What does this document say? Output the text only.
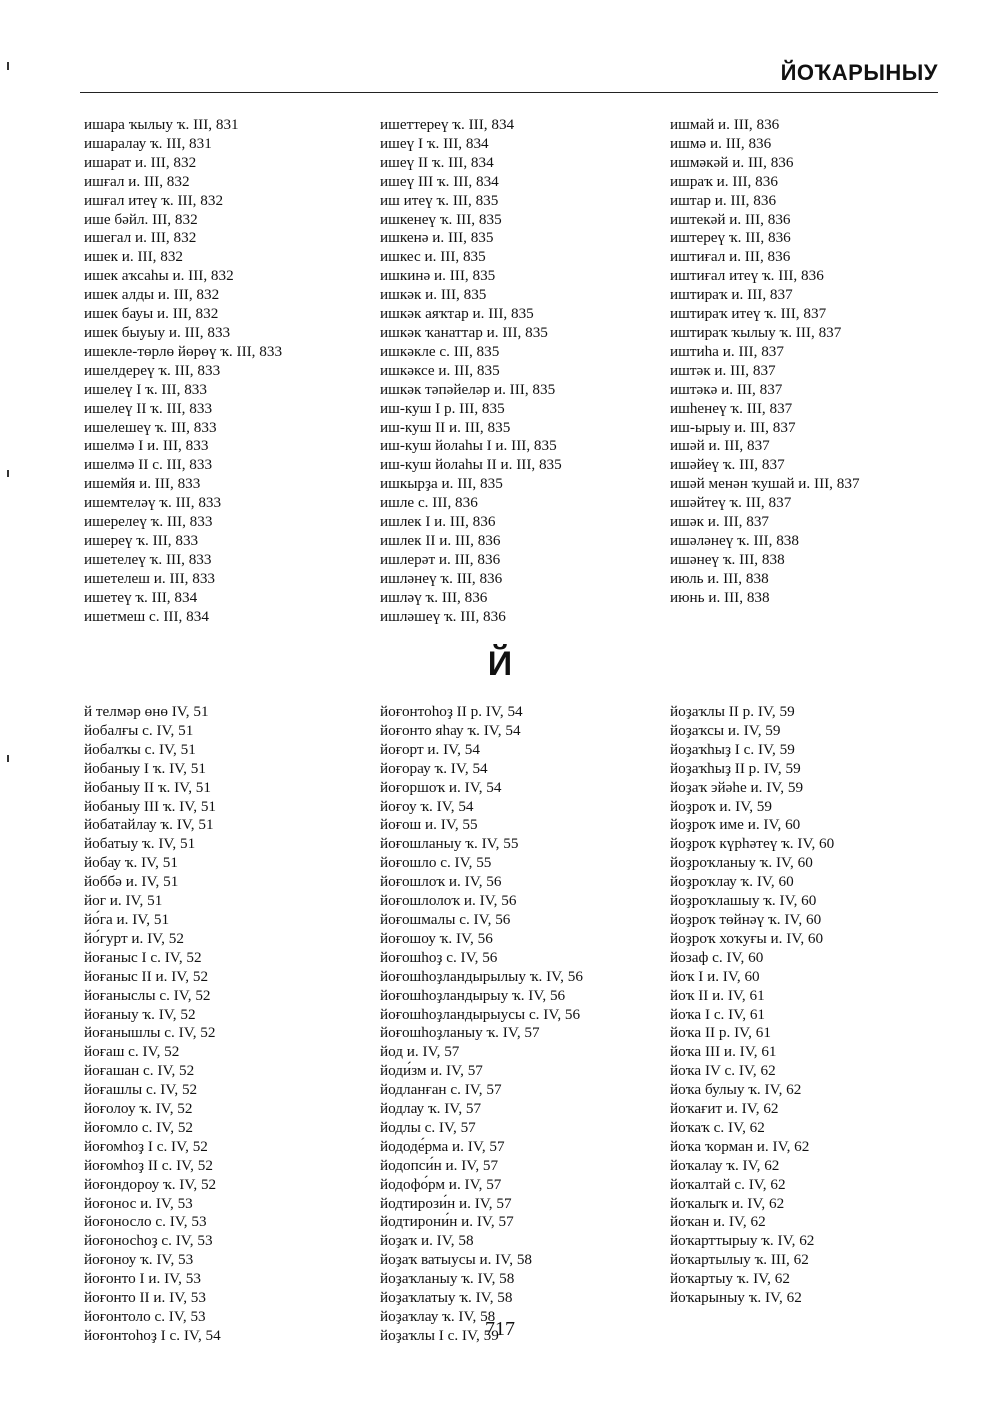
ЙОҠАРЫНЫУ
ишара ҡылыу ҡ. III, 831
ишаралау ҡ. III, 831
ишарат и. III, 832
ишғал и. III, 832
ишғал итеү ҡ. III, 832
ише бәйл. III, 832
ишегал и. III, 832
ишек и. III, 832
ишек аҡсаһы и. III, 832
ишек алды и. III, 832
ишек бауы и. III, 832
ишек быуыу и. III, 833
ишекле-төрлө йөрөү ҡ. III, 833
ишелдереү ҡ. III, 833
ишелеү I ҡ. III, 833
ишелеү II ҡ. III, 833
ишелешеү ҡ. III, 833
ишелмә I и. III, 833
ишелмә II с. III, 833
ишемйя и. III, 833
ишемтеләү ҡ. III, 833
ишерелеү ҡ. III, 833
ишереү ҡ. III, 833
ишетелеү ҡ. III, 833
ишетелеш и. III, 833
ишетеү ҡ. III, 834
ишетмеш с. III, 834
ишеттереү ҡ. III, 834
ишеү I ҡ. III, 834
ишеү II ҡ. III, 834
ишеү III ҡ. III, 834
иш итеү ҡ. III, 835
ишкенеү ҡ. III, 835
ишкенә и. III, 835
ишкес и. III, 835
ишкинә и. III, 835
ишкәк и. III, 835
ишкәк аяҡтар и. III, 835
ишкәк ҡанаттар и. III, 835
ишкәкле с. III, 835
ишкәксе и. III, 835
ишкәк тәпәйеләр и. III, 835
иш-куш I р. III, 835
иш-куш II и. III, 835
иш-куш йолаһы I и. III, 835
иш-куш йолаһы II и. III, 835
ишкырҙа и. III, 835
ишле с. III, 836
ишлек I и. III, 836
ишлек II и. III, 836
ишлерәт и. III, 836
ишләнеү ҡ. III, 836
ишләү ҡ. III, 836
ишләшеү ҡ. III, 836
ишмай и. III, 836
ишмә и. III, 836
ишмәкәй и. III, 836
ишраҡ и. III, 836
иштар и. III, 836
иштекәй и. III, 836
иштереү ҡ. III, 836
иштиғал и. III, 836
иштиғал итеү ҡ. III, 836
иштираҡ и. III, 837
иштираҡ итеү ҡ. III, 837
иштираҡ ҡылыу ҡ. III, 837
иштиһа и. III, 837
иштәк и. III, 837
иштәкә и. III, 837
ишһенеү ҡ. III, 837
иш-ырыу и. III, 837
ишәй и. III, 837
ишәйеү ҡ. III, 837
ишәй менән ҡушай и. III, 837
ишәйтеү ҡ. III, 837
ишәк и. III, 837
ишәләнеү ҡ. III, 838
ишәнеү ҡ. III, 838
июль и. III, 838
июнь и. III, 838
Й
й телмәр өнө IV, 51
йобалғы с. IV, 51
йобалҡы с. IV, 51
йобаныу I ҡ. IV, 51
йобаныу II ҡ. IV, 51
йобаныу III ҡ. IV, 51
йобатайлау ҡ. IV, 51
йобатыу ҡ. IV, 51
йобау ҡ. IV, 51
йоббә и. IV, 51
йог и. IV, 51
йо́га и. IV, 51
йо́гурт и. IV, 52
йоғаныс I с. IV, 52
йоғаныс II и. IV, 52
йоғаныслы с. IV, 52
йоғаныу ҡ. IV, 52
йоғанышлы с. IV, 52
йоғаш с. IV, 52
йоғашан с. IV, 52
йоғашлы с. IV, 52
йоғолоу ҡ. IV, 52
йоғомло с. IV, 52
йоғомһоҙ I с. IV, 52
йоғомһоҙ II с. IV, 52
йоғондороу ҡ. IV, 52
йоғонос и. IV, 53
йоғонослo с. IV, 53
йоғоносһоҙ с. IV, 53
йоғоноу ҡ. IV, 53
йоғонто I и. IV, 53
йоғонто II и. IV, 53
йоғонтоло с. IV, 53
йоғонтоһоҙ I с. IV, 54
йоғонтоһоҙ II р. IV, 54
йоғонто яһау ҡ. IV, 54
йоғорт и. IV, 54
йоғорау ҡ. IV, 54
йоғоршоҡ и. IV, 54
йоғоу ҡ. IV, 54
йоғош и. IV, 55
йоғошланыу ҡ. IV, 55
йоғошло с. IV, 55
йоғошлоҡ и. IV, 56
йоғошлолоҡ и. IV, 56
йоғошмалы с. IV, 56
йоғошоу ҡ. IV, 56
йоғошһоҙ с. IV, 56
йоғошһоҙландырылыу ҡ. IV, 56
йоғошһоҙландырыу ҡ. IV, 56
йоғошһоҙландырыусы с. IV, 56
йоғошһоҙланыу ҡ. IV, 57
йод и. IV, 57
йоди́зм и. IV, 57
йодланған с. IV, 57
йодлау ҡ. IV, 57
йодлы с. IV, 57
йододе́рма и. IV, 57
йодопси́н и. IV, 57
йодофо́рм и. IV, 57
йодтирози́н и. IV, 57
йодтирони́н и. IV, 57
йоҙаҡ и. IV, 58
йоҙаҡ ватыусы и. IV, 58
йоҙаҡланыу ҡ. IV, 58
йоҙаҡлатыу ҡ. IV, 58
йоҙаҡлау ҡ. IV, 58
йоҙаҡлы I с. IV, 59
йоҙаҡлы II р. IV, 59
йоҙаҡсы и. IV, 59
йоҙаҡһыҙ I с. IV, 59
йоҙаҡһыҙ II р. IV, 59
йоҙаҡ эйәһе и. IV, 59
йоҙроҡ и. IV, 59
йоҙроҡ име и. IV, 60
йоҙроҡ күрһәтеү ҡ. IV, 60
йоҙроҡланыу ҡ. IV, 60
йоҙроҡлау ҡ. IV, 60
йоҙроҡлашыу ҡ. IV, 60
йоҙроҡ төйнәү ҡ. IV, 60
йоҙроҡ хоҡуғы и. IV, 60
йозаф с. IV, 60
йоҡ I и. IV, 60
йоҡ II и. IV, 61
йоҡа I с. IV, 61
йоҡа II р. IV, 61
йоҡа III и. IV, 61
йоҡа IV с. IV, 62
йоҡа булыу ҡ. IV, 62
йоҡағит и. IV, 62
йоҡаҡ с. IV, 62
йоҡа ҡорман и. IV, 62
йоҡалау ҡ. IV, 62
йоҡалтай с. IV, 62
йоҡалыҡ и. IV, 62
йоҡан и. IV, 62
йоҡарттырыу ҡ. IV, 62
йоҡартылыу ҡ. III, 62
йоҡартыу ҡ. IV, 62
йоҡарыныу ҡ. IV, 62
717
